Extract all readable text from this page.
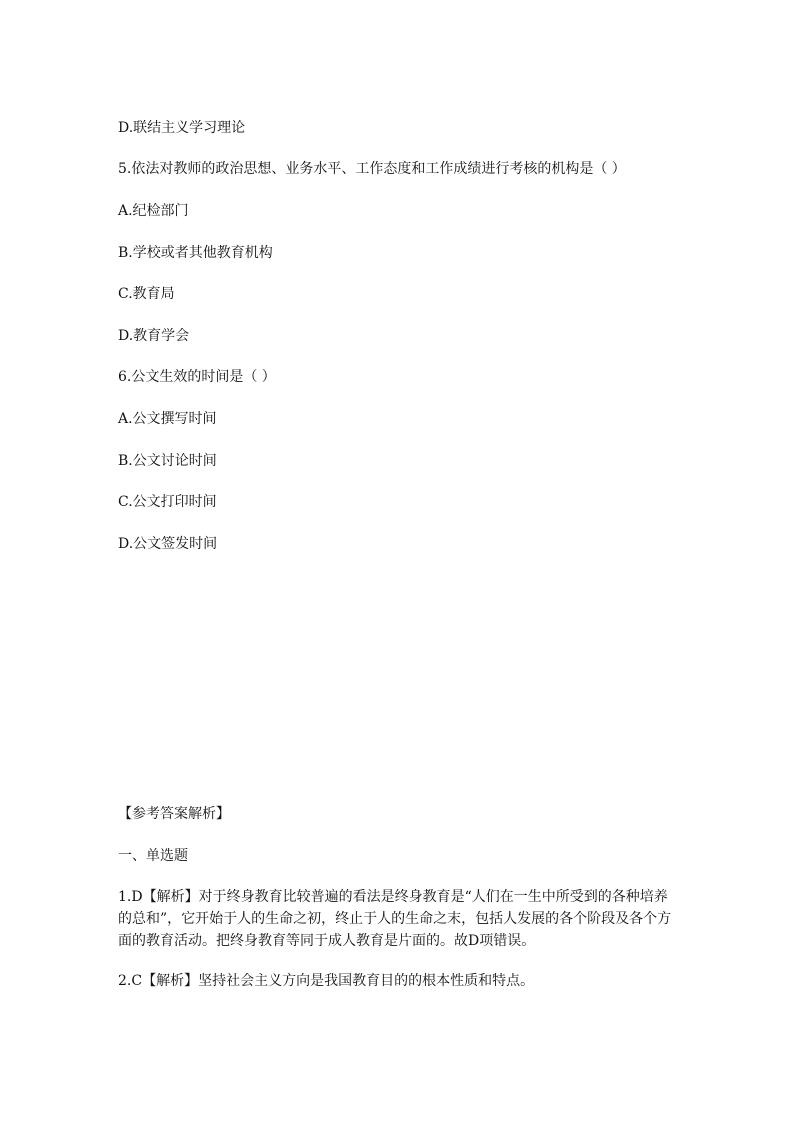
D.联结主义学习理论
5.依法对教师的政治思想、业务水平、工作态度和工作成绩进行考核的机构是（ ）
A.纪检部门
B.学校或者其他教育机构
C.教育局
D.教育学会
6.公文生效的时间是（ ）
A.公文撰写时间
B.公文讨论时间
C.公文打印时间
D.公文签发时间
【参考答案解析】
一、单选题
1.D【解析】对于终身教育比较普遍的看法是终身教育是“人们在一生中所受到的各种培养的总和”，它开始于人的生命之初，终止于人的生命之末，包括人发展的各个阶段及各个方面的教育活动。把终身教育等同于成人教育是片面的。故D项错误。
2.C【解析】坚持社会主义方向是我国教育目的的根本性质和特点。
